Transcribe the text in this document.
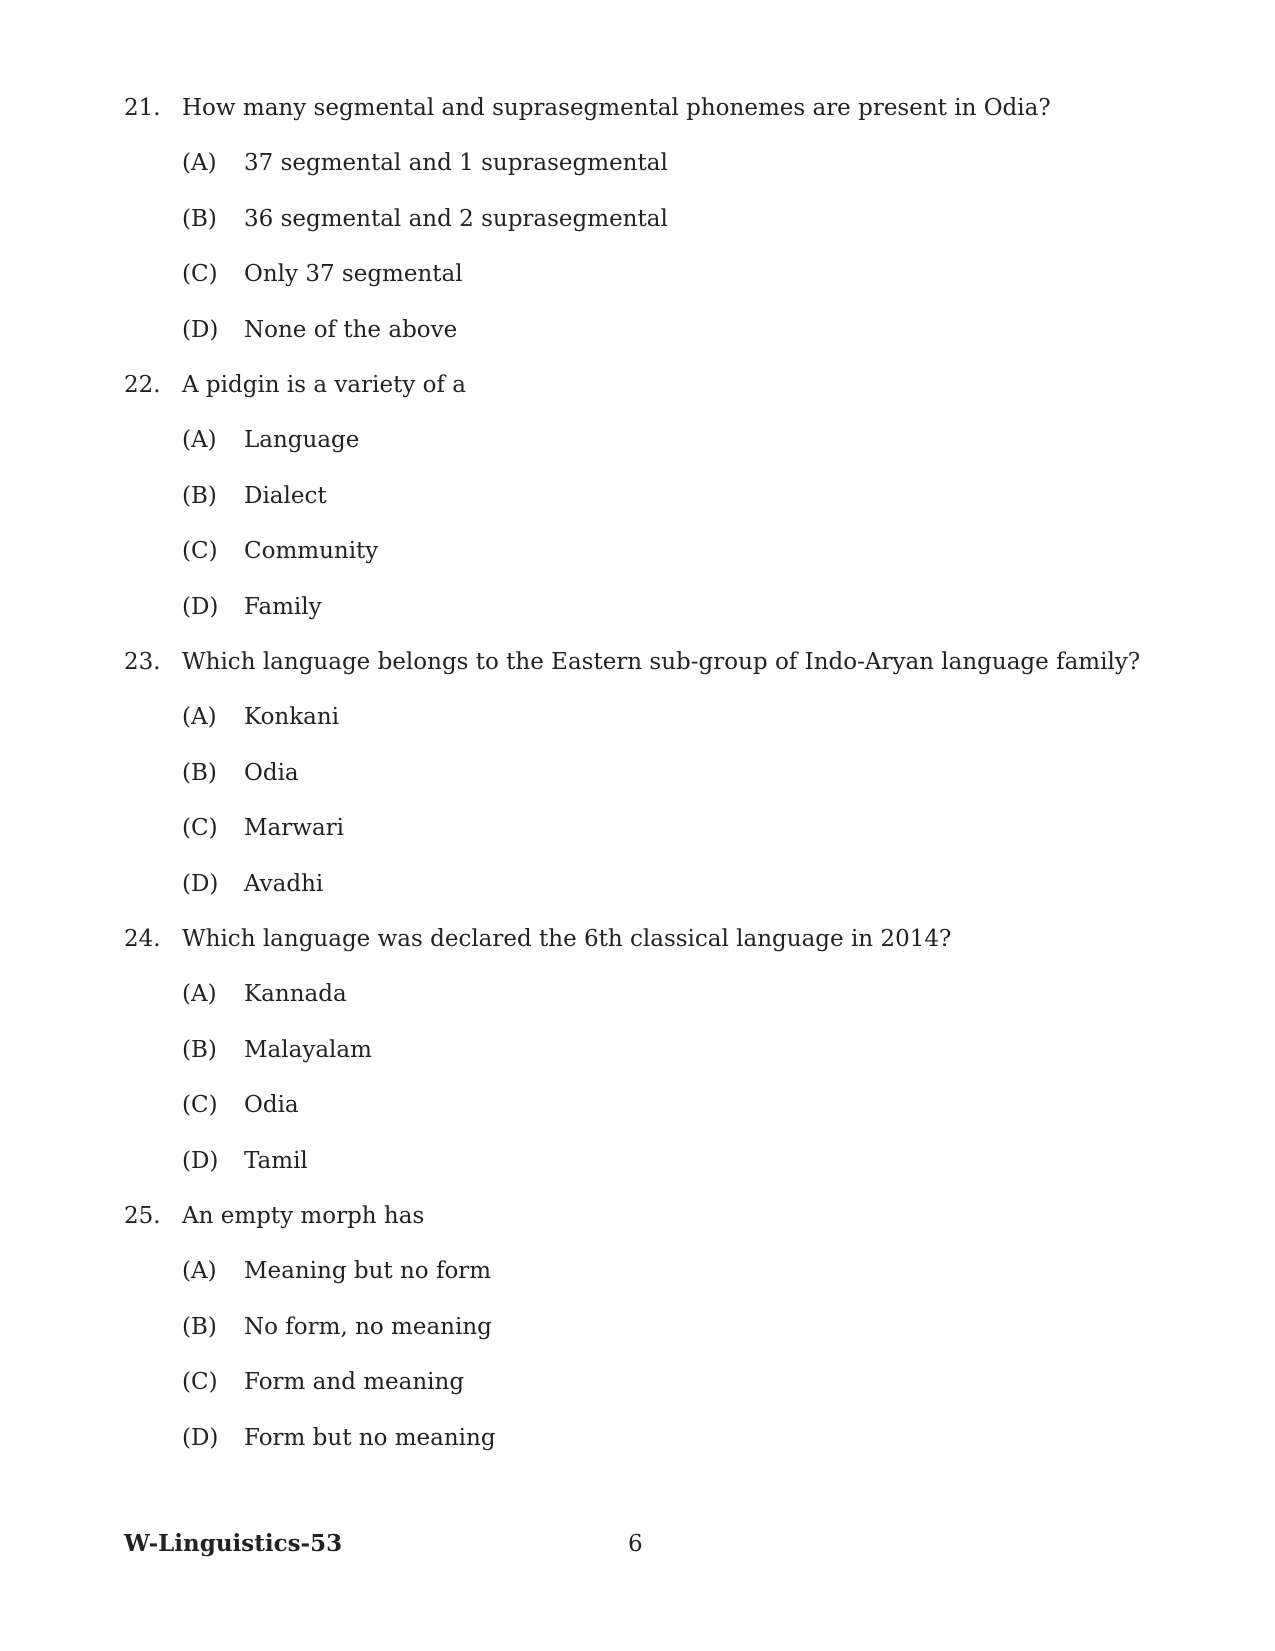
21. How many segmental and suprasegmental phonemes are present in Odia?
(A)	37 segmental and 1 suprasegmental
(B)	36 segmental and 2 suprasegmental
(C)	Only 37 segmental
(D)	None of the above
22. A pidgin is a variety of a
(A)	Language
(B)	Dialect
(C)	Community
(D)	Family
23. Which language belongs to the Eastern sub-group of Indo-Aryan language family?
(A)	Konkani
(B)	Odia
(C)	Marwari
(D)	Avadhi
24. Which language was declared the 6th classical language in 2014?
(A)	Kannada
(B)	Malayalam
(C)	Odia
(D)	Tamil
25. An empty morph has
(A)	Meaning but no form
(B)	No form, no meaning
(C)	Form and meaning
(D)	Form but no meaning
W-Linguistics-53	6
